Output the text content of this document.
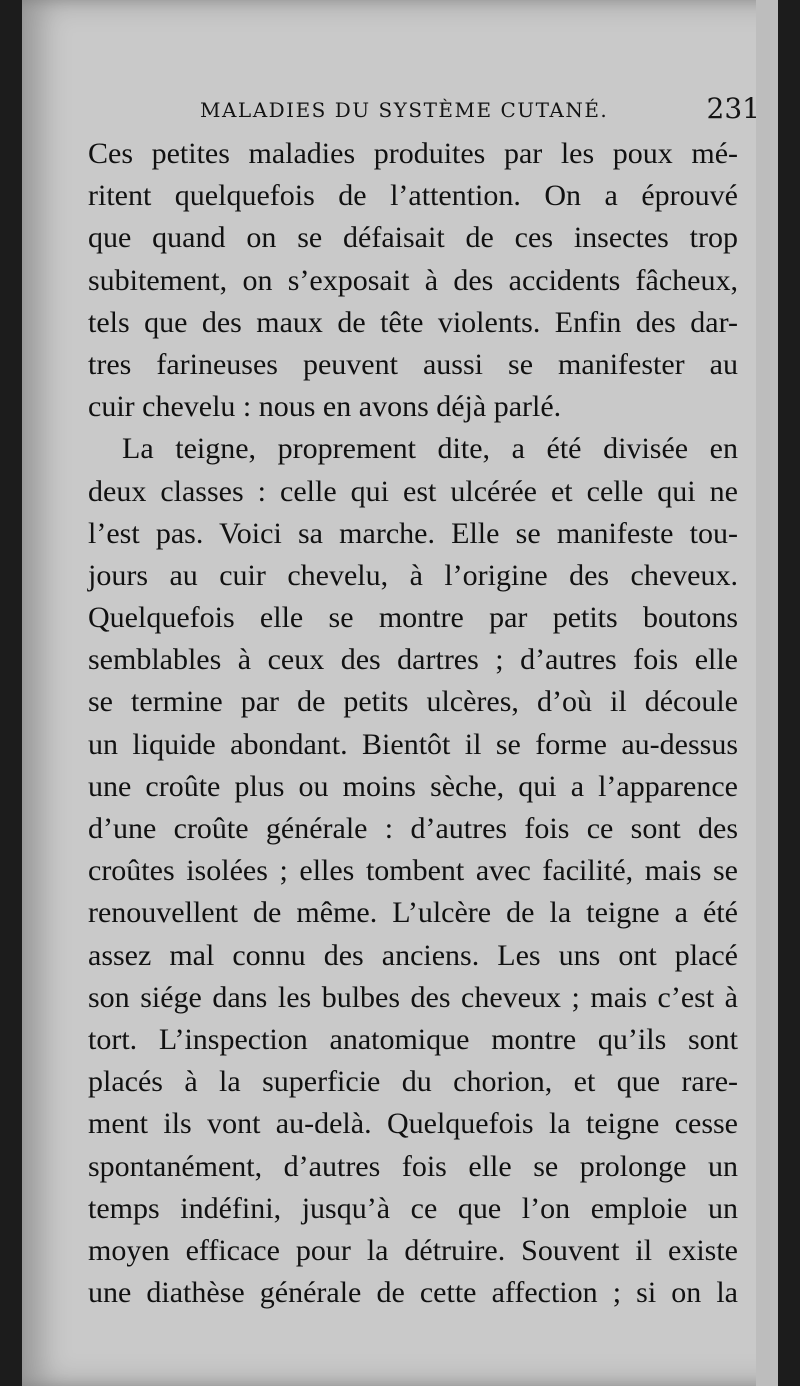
MALADIES DU SYSTÈME CUTANÉ.	231
Ces petites maladies produites par les poux mé-
ritent quelquefois de l’attention. On a éprouvé
que quand on se défaisait de ces insectes trop
subitement, on s’exposait à des accidents fâcheux,
tels que des maux de tête violents. Enfin des dar-
tres farineuses peuvent aussi se manifester au
cuir chevelu : nous en avons déjà parlé.
La teigne, proprement dite, a été divisée en
deux classes : celle qui est ulcérée et celle qui ne
l’est pas. Voici sa marche. Elle se manifeste tou-
jours au cuir chevelu, à l’origine des cheveux.
Quelquefois elle se montre par petits boutons
semblables à ceux des dartres ; d’autres fois elle
se termine par de petits ulcères, d’où il découle
un liquide abondant. Bientôt il se forme au-dessus
une croûte plus ou moins sèche, qui a l’apparence
d’une croûte générale : d’autres fois ce sont des
croûtes isolées ; elles tombent avec facilité, mais se
renouvellent de même. L’ulcère de la teigne a été
assez mal connu des anciens. Les uns ont placé
son siége dans les bulbes des cheveux ; mais c’est à
tort. L’inspection anatomique montre qu’ils sont
placés à la superficie du chorion, et que rare-
ment ils vont au-delà. Quelquefois la teigne cesse
spontanément, d’autres fois elle se prolonge un
temps indéfini, jusqu’à ce que l’on emploie un
moyen efficace pour la détruire. Souvent il existe
une diathèse générale de cette affection ; si on la
